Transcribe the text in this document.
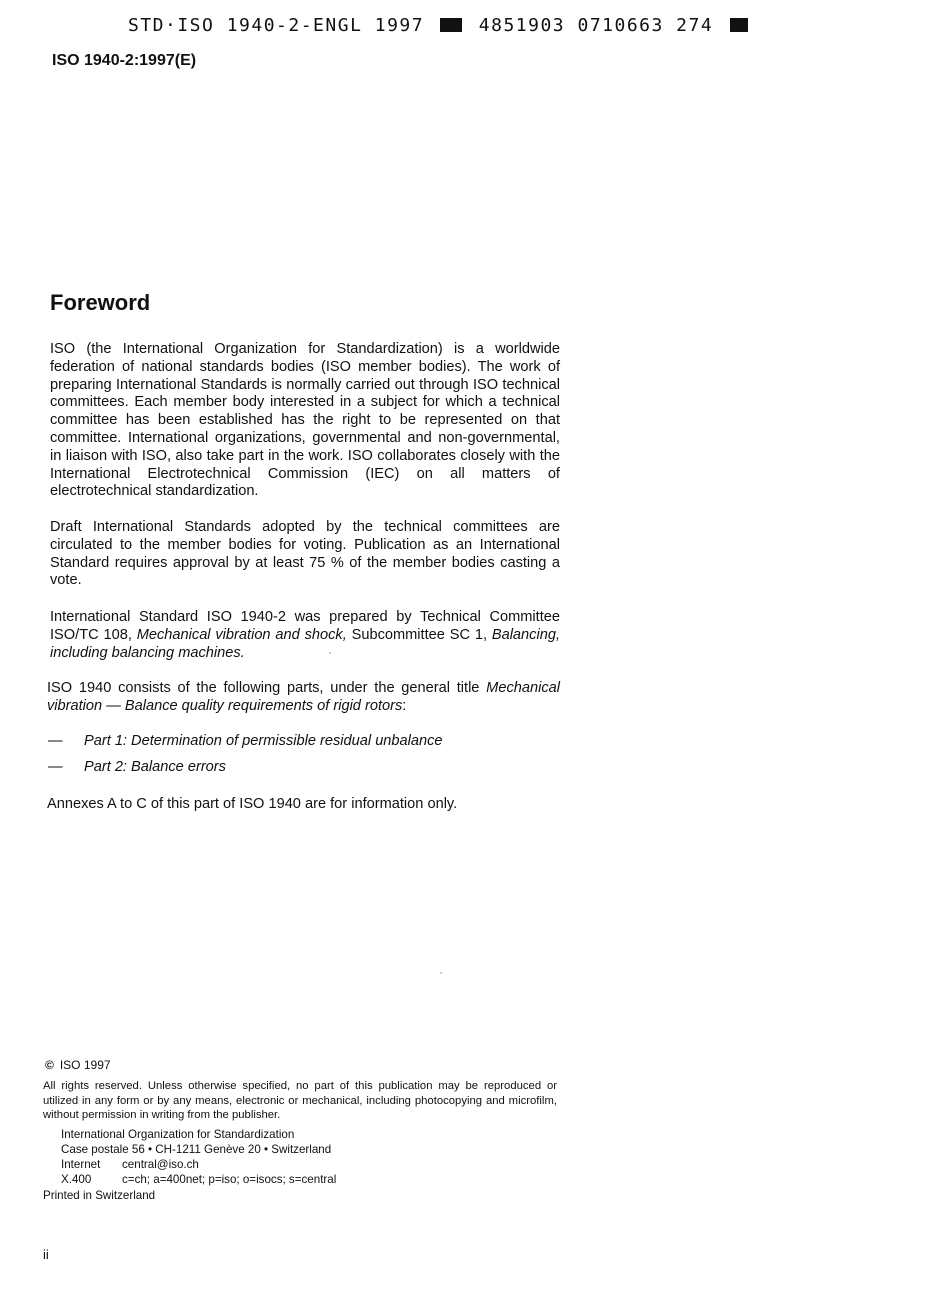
STD·ISO 1940-2-ENGL 1997	4851903 0710663 274
ISO 1940-2:1997(E)
Foreword
ISO (the International Organization for Standardization) is a worldwide federation of national standards bodies (ISO member bodies). The work of preparing International Standards is normally carried out through ISO technical committees. Each member body interested in a subject for which a technical committee has been established has the right to be represented on that committee. International organizations, governmental and non-governmental, in liaison with ISO, also take part in the work. ISO collaborates closely with the International Electrotechnical Commission (IEC) on all matters of electrotechnical standardization.
Draft International Standards adopted by the technical committees are circulated to the member bodies for voting. Publication as an International Standard requires approval by at least 75 % of the member bodies casting a vote.
International Standard ISO 1940-2 was prepared by Technical Committee ISO/TC 108, Mechanical vibration and shock, Subcommittee SC 1, Balancing, including balancing machines.
ISO 1940 consists of the following parts, under the general title Mechanical vibration — Balance quality requirements of rigid rotors:
— Part 1: Determination of permissible residual unbalance
— Part 2: Balance errors
Annexes A to C of this part of ISO 1940 are for information only.
© ISO 1997
All rights reserved. Unless otherwise specified, no part of this publication may be reproduced or utilized in any form or by any means, electronic or mechanical, including photocopying and microfilm, without permission in writing from the publisher.
International Organization for Standardization
Case postale 56 • CH-1211 Genève 20 • Switzerland
Internet central@iso.ch
X.400	c=ch; a=400net; p=iso; o=isocs; s=central
Printed in Switzerland
ii
